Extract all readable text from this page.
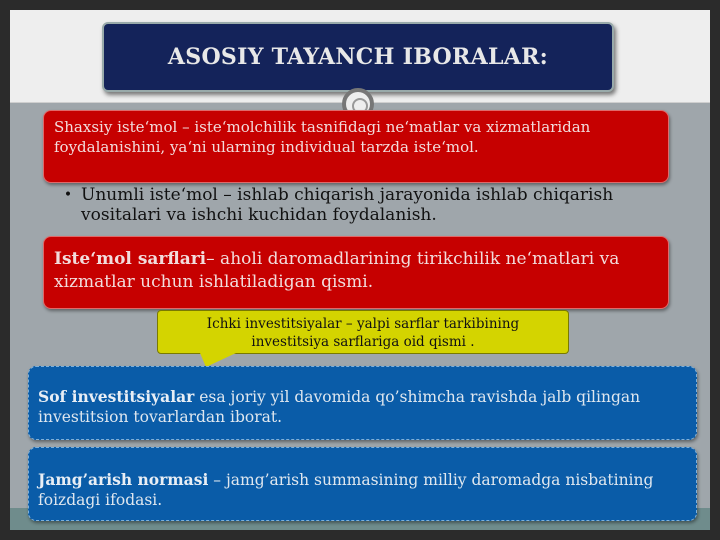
ASOSIY TAYANCH IBORALAR:
Shaxsiy iste‘mol – iste‘molchilik tasnifidagi ne‘matlar va xizmatlaridan foydalanishini, ya‘ni ularning individual tarzda iste‘mol.
• Unumli iste‘mol – ishlab chiqarish jarayonida ishlab chiqarish vositalari va ishchi kuchidan foydalanish.
Iste‘mol sarflari– aholi daromadlarining tirikchilik ne‘matlari va xizmatlar uchun ishlatiladigan qismi.
Ichki investitsiyalar – yalpi sarflar tarkibining investitsiya sarflariga oid qismi .
Sof investitsiyalar esa joriy yil davomida qo’shimcha ravishda jalb qilingan investitsion tovarlardan iborat.
Jamg’arish normasi – jamg’arish summasining milliy daromadga nisbatining foizdagi ifodasi.
